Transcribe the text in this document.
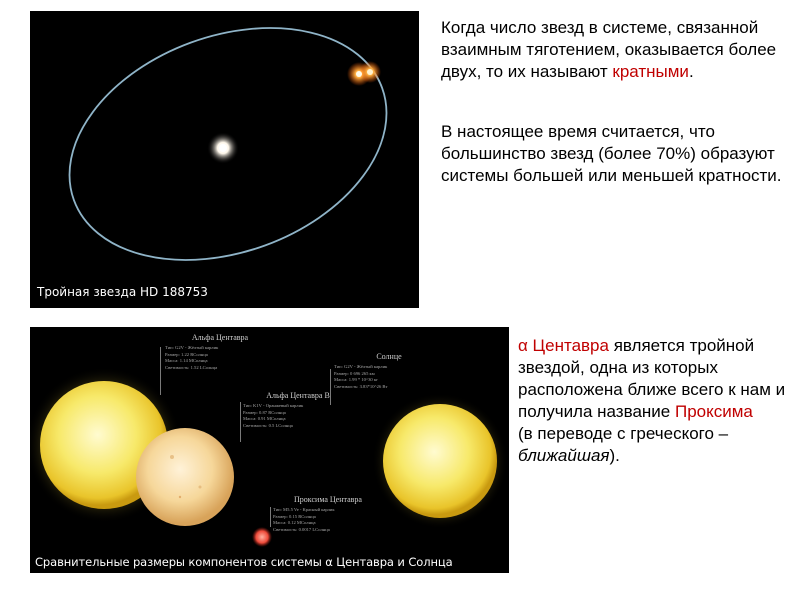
Тройная звезда HD 188753
Альфа Центавра
Тип: G2V - Жёлтый карлик
Размер: 1.22 RСолнца
Масса: 1.14 MСолнца
Светимость: 1.52 LСолнца
Альфа Центавра B
Тип: K1V - Оранжевый карлик
Размер: 0.87 RСолнца
Масса: 0.91 MСолнца
Светимость: 0.5 LСолнца
Солнце
Тип: G2V - Жёлтый карлик
Размер: 0 696 265 км
Масса: 1.99 * 10^30 кг
Светимость: 3.83*10^26 Вт
Проксима Центавра
Тип: M5.5 Ve - Красный карлик
Размер: 0.15 RСолнца
Масса: 0.12 MСолнца
Светимость: 0.0017 LСолнца
Сравнительные размеры компонентов системы α Центавра и Солнца
Когда число звезд в системе, связанной взаимным тяготением, оказывается более двух, то их называют кратными.
В настоящее время считается, что большинство звезд (более 70%) образуют системы большей или меньшей кратности.
α Центавра является тройной звездой, одна из которых расположена ближе всего к нам и получила название Проксима
(в переводе с греческого – ближайшая).
